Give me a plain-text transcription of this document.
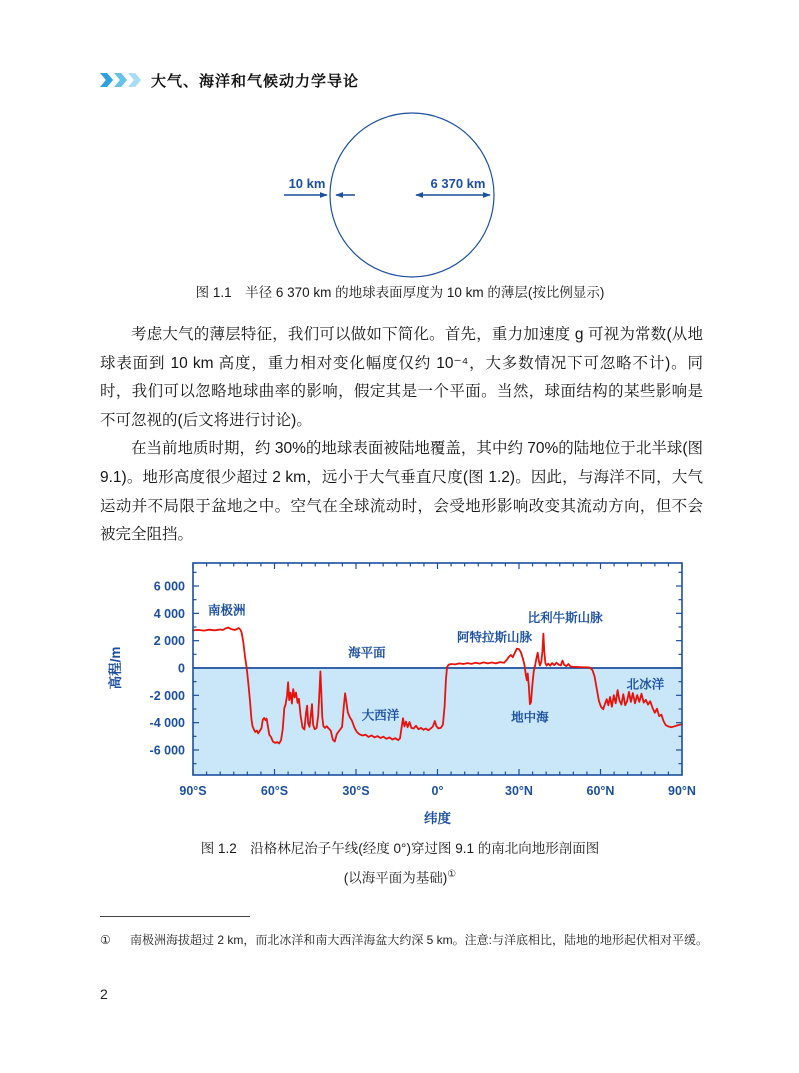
大气、海洋和气候动力学导论
10 km	6 370 km
图 1.1　半径 6 370 km 的地球表面厚度为 10 km 的薄层(按比例显示)

考虑大气的薄层特征，我们可以做如下简化。首先，重力加速度 g 可视为常数(从地球表面到 10 km 高度，重力相对变化幅度仅约 10⁻⁴，大多数情况下可忽略不计)。同时，我们可以忽略地球曲率的影响，假定其是一个平面。当然，球面结构的某些影响是不可忽视的(后文将进行讨论)。

在当前地质时期，约 30%的地球表面被陆地覆盖，其中约 70%的陆地位于北半球(图 9.1)。地形高度很少超过 2 km，远小于大气垂直尺度(图 1.2)。因此，与海洋不同，大气运动并不局限于盆地之中。空气在全球流动时，会受地形影响改变其流动方向，但不会被完全阻挡。

90°S	60°S	30°S	0°	30°N	60°N	90°N
6 000
4 000
2 000
0
-2 000
-4 000
-6 000
高程/m
纬度
南极洲
海平面
大西洋
阿特拉斯山脉
比利牛斯山脉
地中海
北冰洋
图 1.2　沿格林尼治子午线(经度 0°)穿过图 9.1 的南北向地形剖面图
(以海平面为基础)①
①	南极洲海拔超过 2 km，而北冰洋和南大西洋海盆大约深 5 km。注意:与洋底相比，陆地的地形起伏相对平缓。
2
